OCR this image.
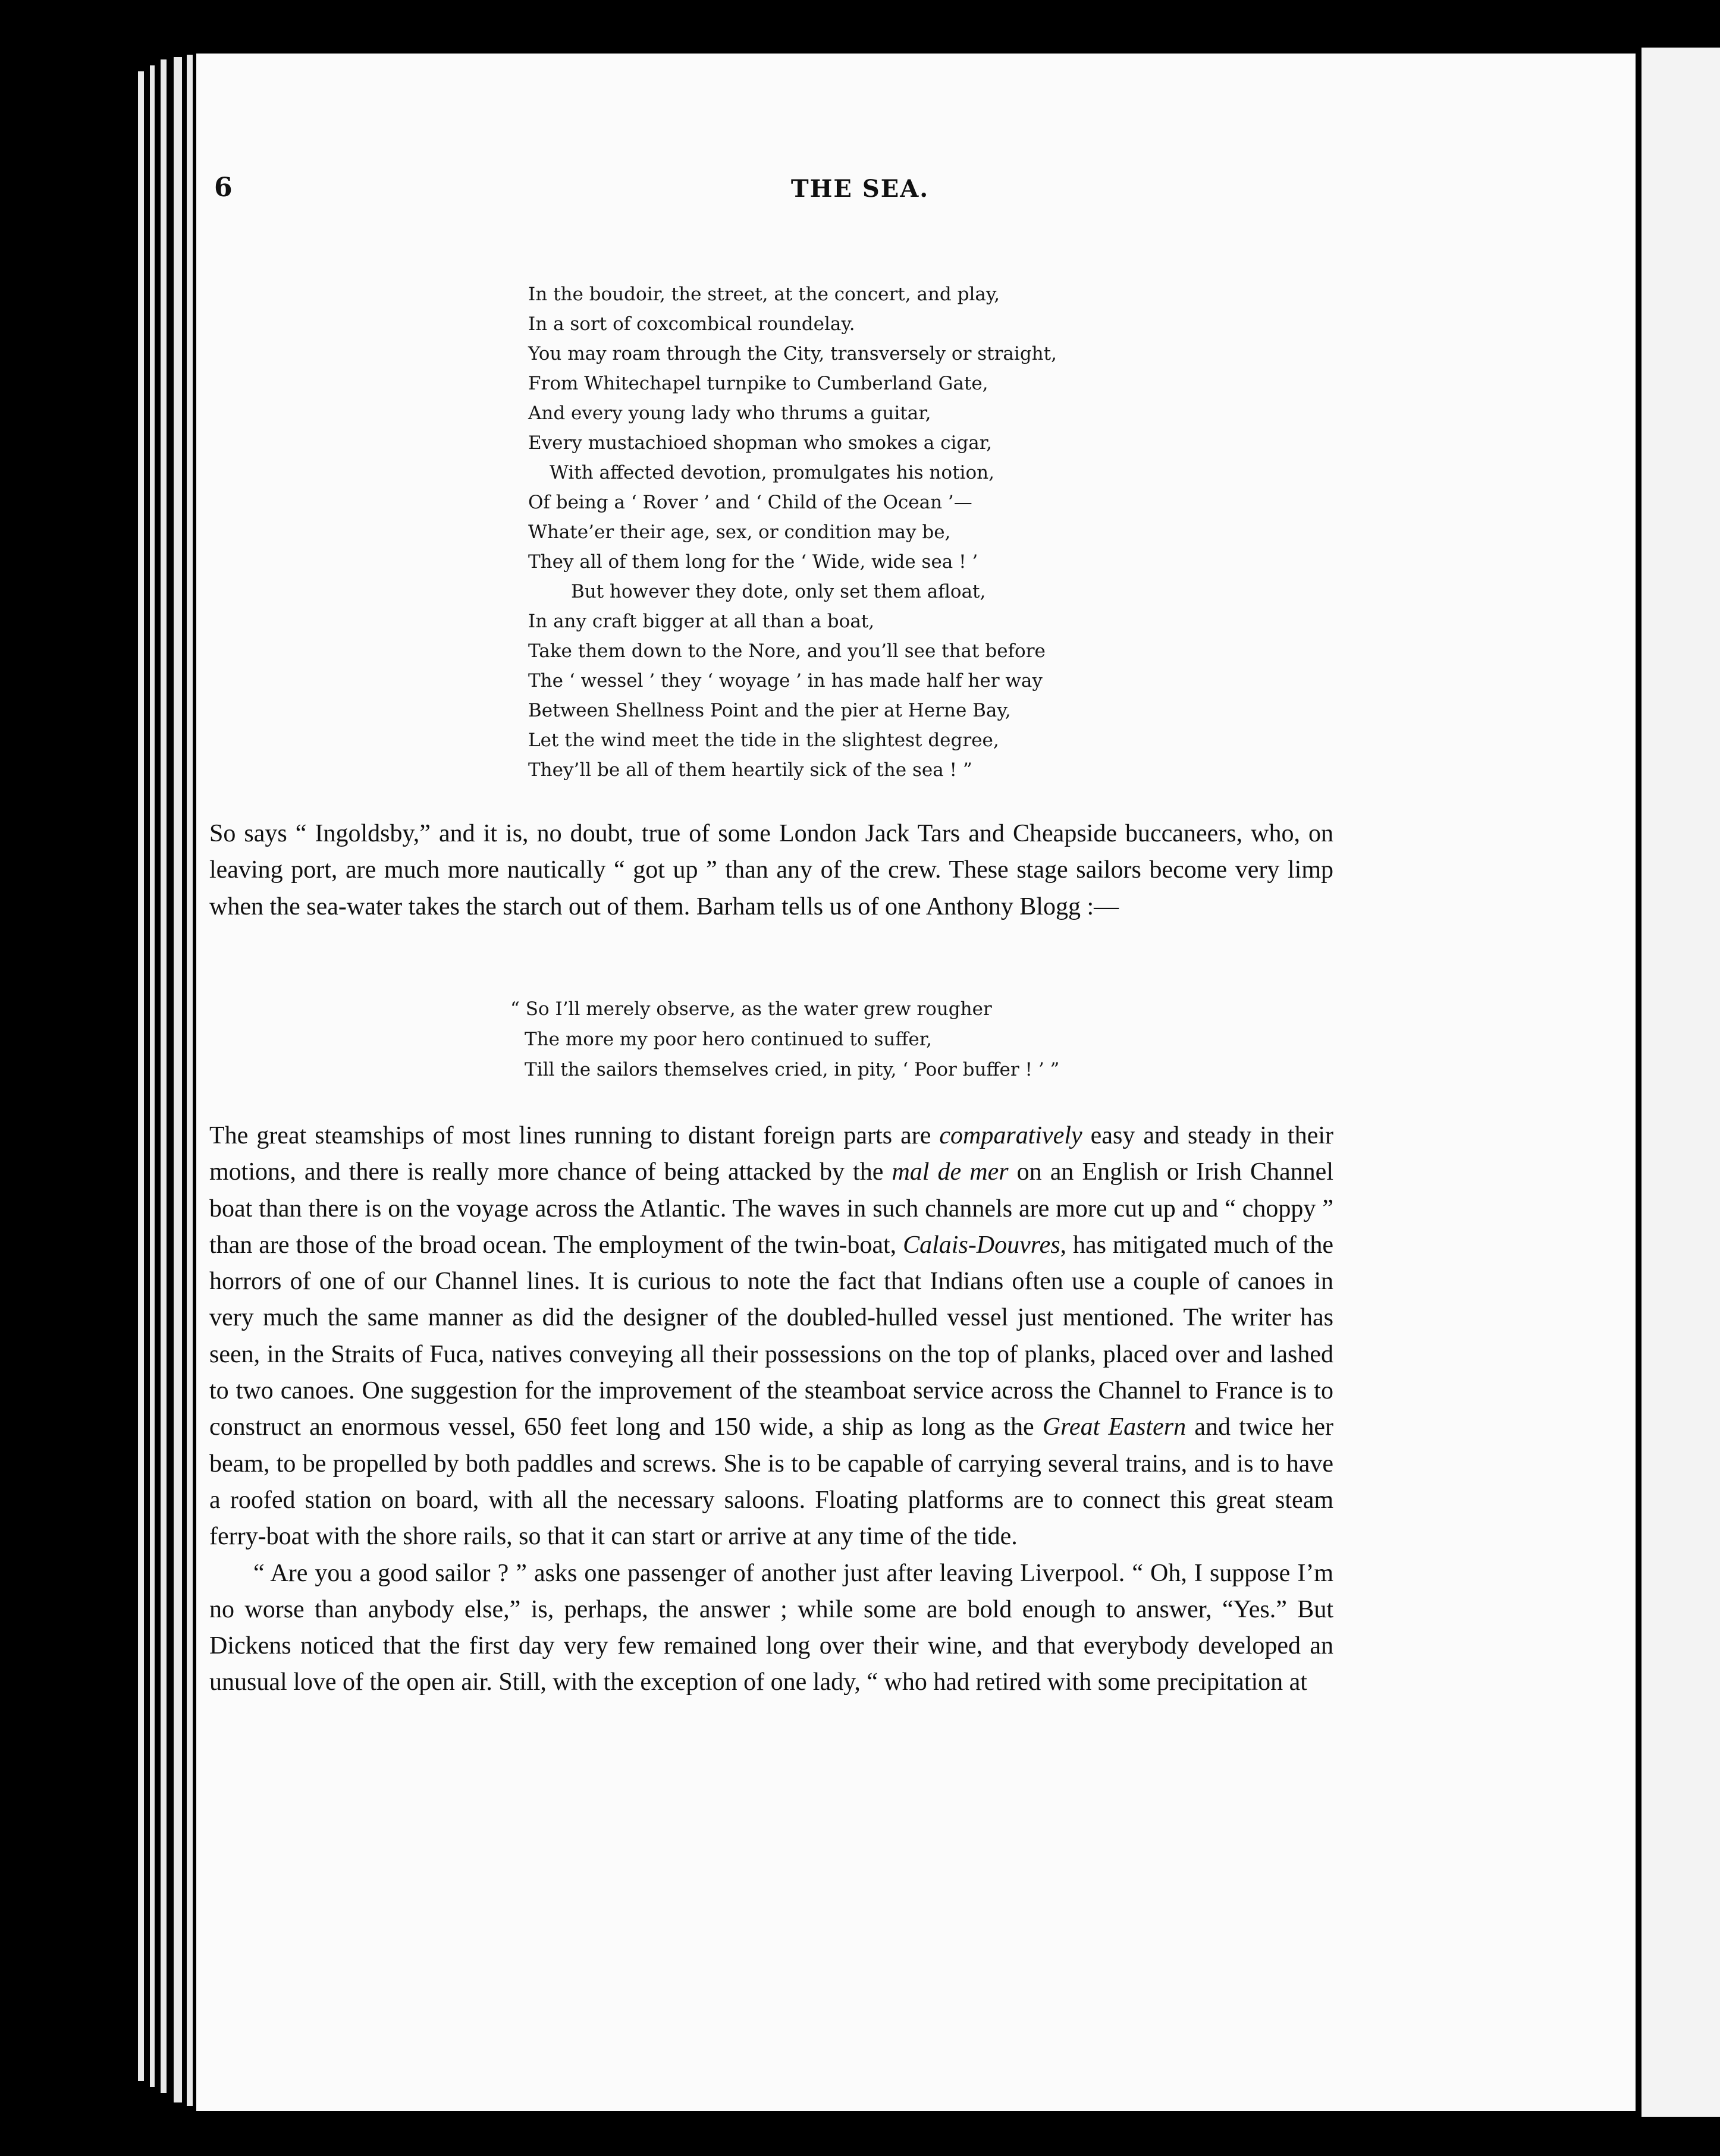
6	THE SEA.
In the boudoir, the street, at the concert, and play,
In a sort of coxcombical roundelay.
You may roam through the City, transversely or straight,
From Whitechapel turnpike to Cumberland Gate,
And every young lady who thrums a guitar,
Every mustachioed shopman who smokes a cigar,
With affected devotion, promulgates his notion,
Of being a ‘ Rover ’ and ‘ Child of the Ocean ’—
Whate’er their age, sex, or condition may be,
They all of them long for the ‘ Wide, wide sea ! ’
But however they dote, only set them afloat,
In any craft bigger at all than a boat,
Take them down to the Nore, and you’ll see that before
The ‘ wessel ’ they ‘ woyage ’ in has made half her way
Between Shellness Point and the pier at Herne Bay,
Let the wind meet the tide in the slightest degree,
They’ll be all of them heartily sick of the sea ! ”

So says “ Ingoldsby,” and it is, no doubt, true of some London Jack Tars and Cheapside buccaneers, who, on leaving port, are much more nautically “ got up ” than any of the crew. These stage sailors become very limp when the sea-water takes the starch out of them. Barham tells us of one Anthony Blogg :—

“ So I’ll merely observe, as the water grew rougher
The more my poor hero continued to suffer,
Till the sailors themselves cried, in pity, ‘ Poor buffer ! ’ ”

The great steamships of most lines running to distant foreign parts are comparatively easy and steady in their motions, and there is really more chance of being attacked by the mal de mer on an English or Irish Channel boat than there is on the voyage across the Atlantic. The waves in such channels are more cut up and “ choppy ” than are those of the broad ocean. The employment of the twin-boat, Calais-Douvres, has mitigated much of the horrors of one of our Channel lines. It is curious to note the fact that Indians often use a couple of canoes in very much the same manner as did the designer of the doubled-hulled vessel just mentioned. The writer has seen, in the Straits of Fuca, natives conveying all their possessions on the top of planks, placed over and lashed to two canoes. One suggestion for the improvement of the steamboat service across the Channel to France is to construct an enormous vessel, 650 feet long and 150 wide, a ship as long as the Great Eastern and twice her beam, to be propelled by both paddles and screws. She is to be capable of carrying several trains, and is to have a roofed station on board, with all the necessary saloons. Floating platforms are to connect this great steam ferry-boat with the shore rails, so that it can start or arrive at any time of the tide.

“ Are you a good sailor ? ” asks one passenger of another just after leaving Liverpool. “ Oh, I suppose I’m no worse than anybody else,” is, perhaps, the answer ; while some are bold enough to answer, “Yes.” But Dickens noticed that the first day very few remained long over their wine, and that everybody developed an unusual love of the open air. Still, with the exception of one lady, “ who had retired with some precipitation at
